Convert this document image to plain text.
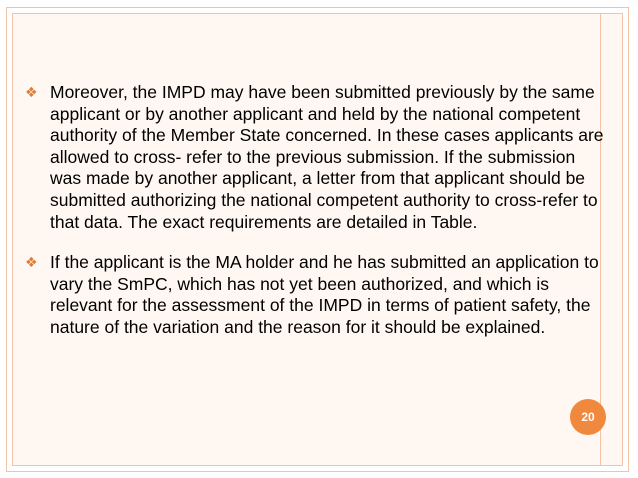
❖ Moreover, the IMPD may have been submitted previously by the same applicant or by another applicant and held by the national competent authority of the Member State concerned. In these cases applicants are allowed to cross- refer to the previous submission. If the submission was made by another applicant, a letter from that applicant should be submitted authorizing the national competent authority to cross-refer to that data. The exact requirements are detailed in Table.
❖ If the applicant is the MA holder and he has submitted an application to vary the SmPC, which has not yet been authorized, and which is relevant for the assessment of the IMPD in terms of patient safety, the nature of the variation and the reason for it should be explained.
20
